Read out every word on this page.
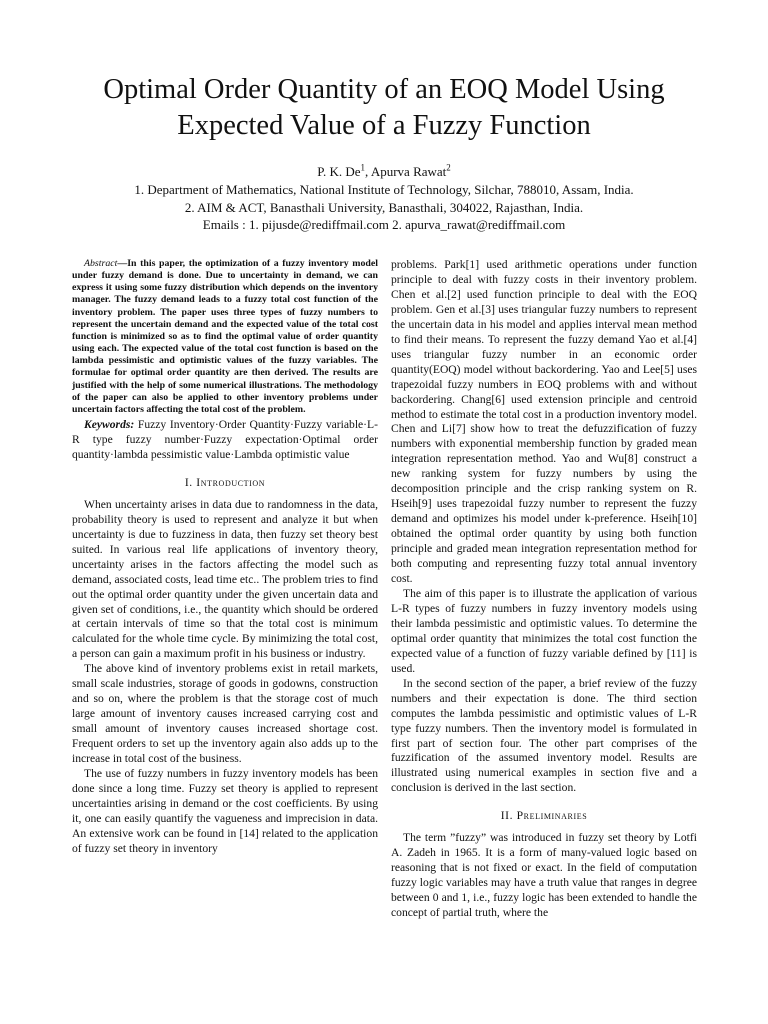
Optimal Order Quantity of an EOQ Model Using
Expected Value of a Fuzzy Function
P. K. De$^1$, Apurva Rawat$^2$
1. Department of Mathematics, National Institute of Technology, Silchar, 788010, Assam, India.
2. AIM & ACT, Banasthali University, Banasthali, 304022, Rajasthan, India.
Emails : 1. pijusde@rediffmail.com 2. apurva_rawat@rediffmail.com

Abstract—In this paper, the optimization of a fuzzy inventory model under fuzzy demand is done. Due to uncertainty in demand, we can express it using some fuzzy distribution which depends on the inventory manager. The fuzzy demand leads to a fuzzy total cost function of the inventory problem. The paper uses three types of fuzzy numbers to represent the uncertain demand and the expected value of the total cost function is minimized so as to find the optimal value of order quantity using each. The expected value of the total cost function is based on the lambda pessimistic and optimistic values of the fuzzy variables. The formulae for optimal order quantity are then derived. The results are justified with the help of some numerical illustrations. The methodology of the paper can also be applied to other inventory problems under uncertain factors affecting the total cost of the problem.

Keywords: Fuzzy Inventory·Order Quantity·Fuzzy variable·L-R type fuzzy number·Fuzzy expectation·Optimal order quantity·lambda pessimistic value·Lambda optimistic value

I. Introduction

When uncertainty arises in data due to randomness in the data, probability theory is used to represent and analyze it but when uncertainty is due to fuzziness in data, then fuzzy set theory best suited. In various real life applications of inventory theory, uncertainty arises in the factors affecting the model such as demand, associated costs, lead time etc.. The problem tries to find out the optimal order quantity under the given uncertain data and given set of conditions, i.e., the quantity which should be ordered at certain intervals of time so that the total cost is minimum calculated for the whole time cycle. By minimizing the total cost, a person can gain a maximum profit in his business or industry.

The above kind of inventory problems exist in retail markets, small scale industries, storage of goods in godowns, construction and so on, where the problem is that the storage cost of much large amount of inventory causes increased carrying cost and small amount of inventory causes increased shortage cost. Frequent orders to set up the inventory again also adds up to the increase in total cost of the business.

The use of fuzzy numbers in fuzzy inventory models has been done since a long time. Fuzzy set theory is applied to represent uncertainties arising in demand or the cost coefficients. By using it, one can easily quantify the vagueness and imprecision in data. An extensive work can be found in [14] related to the application of fuzzy set theory in inventory

problems. Park[1] used arithmetic operations under function principle to deal with fuzzy costs in their inventory problem. Chen et al.[2] used function principle to deal with the EOQ problem. Gen et al.[3] uses triangular fuzzy numbers to represent the uncertain data in his model and applies interval mean method to find their means. To represent the fuzzy demand Yao et al.[4] uses triangular fuzzy number in an economic order quantity(EOQ) model without backordering. Yao and Lee[5] uses trapezoidal fuzzy numbers in EOQ problems with and without backordering. Chang[6] used extension principle and centroid method to estimate the total cost in a production inventory model. Chen and Li[7] show how to treat the defuzzification of fuzzy numbers with exponential membership function by graded mean integration representation method. Yao and Wu[8] construct a new ranking system for fuzzy numbers by using the decomposition principle and the crisp ranking system on R. Hseih[9] uses trapezoidal fuzzy number to represent the fuzzy demand and optimizes his model under k-preference. Hseih[10] obtained the optimal order quantity by using both function principle and graded mean integration representation method for both computing and representing fuzzy total annual inventory cost.

The aim of this paper is to illustrate the application of various L-R types of fuzzy numbers in fuzzy inventory models using their lambda pessimistic and optimistic values. To determine the optimal order quantity that minimizes the total cost function the expected value of a function of fuzzy variable defined by [11] is used.

In the second section of the paper, a brief review of the fuzzy numbers and their expectation is done. The third section computes the lambda pessimistic and optimistic values of L-R type fuzzy numbers. Then the inventory model is formulated in first part of section four. The other part comprises of the fuzzification of the assumed inventory model. Results are illustrated using numerical examples in section five and a conclusion is derived in the last section.

II. Preliminaries

The term ”fuzzy” was introduced in fuzzy set theory by Lotfi A. Zadeh in 1965. It is a form of many-valued logic based on reasoning that is not fixed or exact. In the field of computation fuzzy logic variables may have a truth value that ranges in degree between 0 and 1, i.e., fuzzy logic has been extended to handle the concept of partial truth, where the
